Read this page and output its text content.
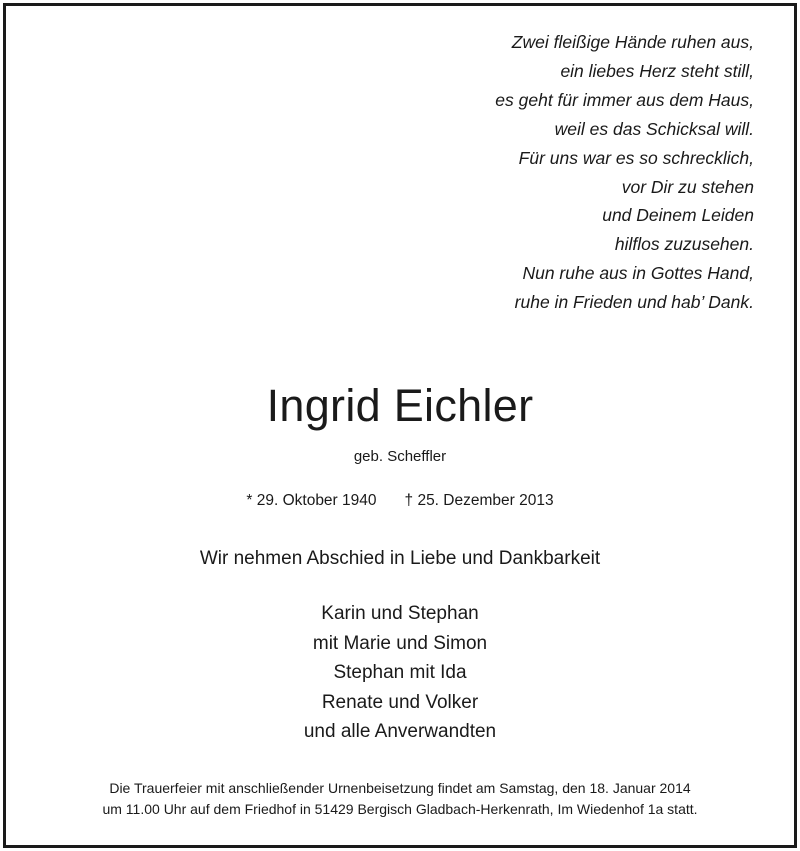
Zwei fleißige Hände ruhen aus,
ein liebes Herz steht still,
es geht für immer aus dem Haus,
weil es das Schicksal will.
Für uns war es so schrecklich,
vor Dir zu stehen
und Deinem Leiden
hilflos zuzusehen.
Nun ruhe aus in Gottes Hand,
ruhe in Frieden und hab’ Dank.
Ingrid Eichler
geb. Scheffler
* 29. Oktober 1940 † 25. Dezember 2013
Wir nehmen Abschied in Liebe und Dankbarkeit
Karin und Stephan
mit Marie und Simon
Stephan mit Ida
Renate und Volker
und alle Anverwandten
Die Trauerfeier mit anschließender Urnenbeisetzung findet am Samstag, den 18. Januar 2014
um 11.00 Uhr auf dem Friedhof in 51429 Bergisch Gladbach-Herkenrath, Im Wiedenhof 1a statt.
